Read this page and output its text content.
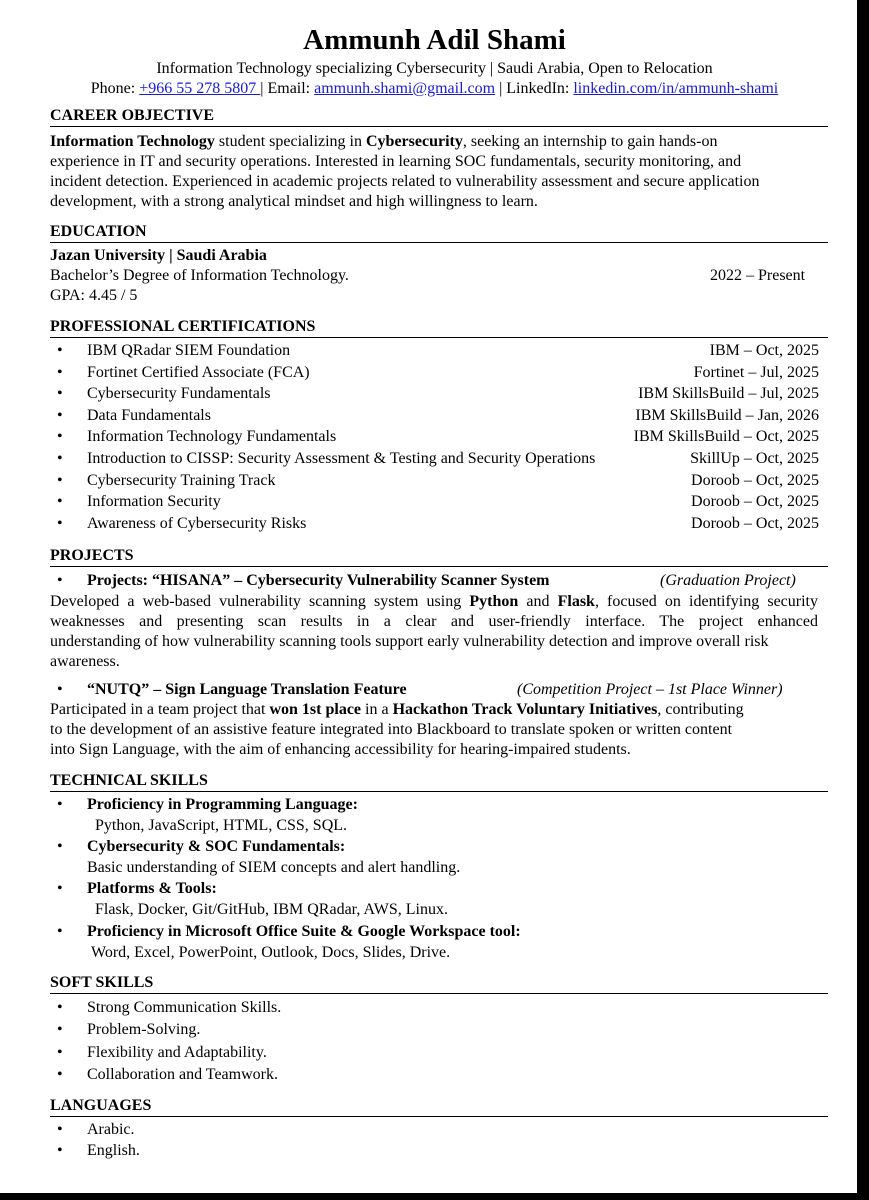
Ammunh Adil Shami
Information Technology specializing Cybersecurity | Saudi Arabia, Open to Relocation
Phone: +966 55 278 5807 | Email: ammunh.shami@gmail.com | LinkedIn: linkedin.com/in/ammunh-shami
CAREER OBJECTIVE
Information Technology student specializing in Cybersecurity, seeking an internship to gain hands-on
experience in IT and security operations. Interested in learning SOC fundamentals, security monitoring, and
incident detection. Experienced in academic projects related to vulnerability assessment and secure application
development, with a strong analytical mindset and high willingness to learn.
EDUCATION
Jazan University | Saudi Arabia
Bachelor’s Degree of Information Technology.	2022 – Present
GPA: 4.45 / 5
PROFESSIONAL CERTIFICATIONS
• IBM QRadar SIEM Foundation	IBM – Oct, 2025
• Fortinet Certified Associate (FCA)	Fortinet – Jul, 2025
• Cybersecurity Fundamentals	IBM SkillsBuild – Jul, 2025
• Data Fundamentals	IBM SkillsBuild – Jan, 2026
• Information Technology Fundamentals	IBM SkillsBuild – Oct, 2025
• Introduction to CISSP: Security Assessment & Testing and Security Operations	SkillUp – Oct, 2025
• Cybersecurity Training Track	Doroob – Oct, 2025
• Information Security	Doroob – Oct, 2025
• Awareness of Cybersecurity Risks	Doroob – Oct, 2025
PROJECTS
• Projects: “HISANA” – Cybersecurity Vulnerability Scanner System	(Graduation Project)
Developed a web-based vulnerability scanning system using Python and Flask, focused on identifying security
weaknesses and presenting scan results in a clear and user-friendly interface. The project enhanced
understanding of how vulnerability scanning tools support early vulnerability detection and improve overall risk
awareness.
• “NUTQ” – Sign Language Translation Feature	(Competition Project – 1st Place Winner)
Participated in a team project that won 1st place in a Hackathon Track Voluntary Initiatives, contributing
to the development of an assistive feature integrated into Blackboard to translate spoken or written content
into Sign Language, with the aim of enhancing accessibility for hearing-impaired students.
TECHNICAL SKILLS
• Proficiency in Programming Language:
Python, JavaScript, HTML, CSS, SQL.
• Cybersecurity & SOC Fundamentals:
Basic understanding of SIEM concepts and alert handling.
• Platforms & Tools:
Flask, Docker, Git/GitHub, IBM QRadar, AWS, Linux.
• Proficiency in Microsoft Office Suite & Google Workspace tool:
Word, Excel, PowerPoint, Outlook, Docs, Slides, Drive.
SOFT SKILLS
• Strong Communication Skills.
• Problem-Solving.
• Flexibility and Adaptability.
• Collaboration and Teamwork.
LANGUAGES
• Arabic.
• English.
